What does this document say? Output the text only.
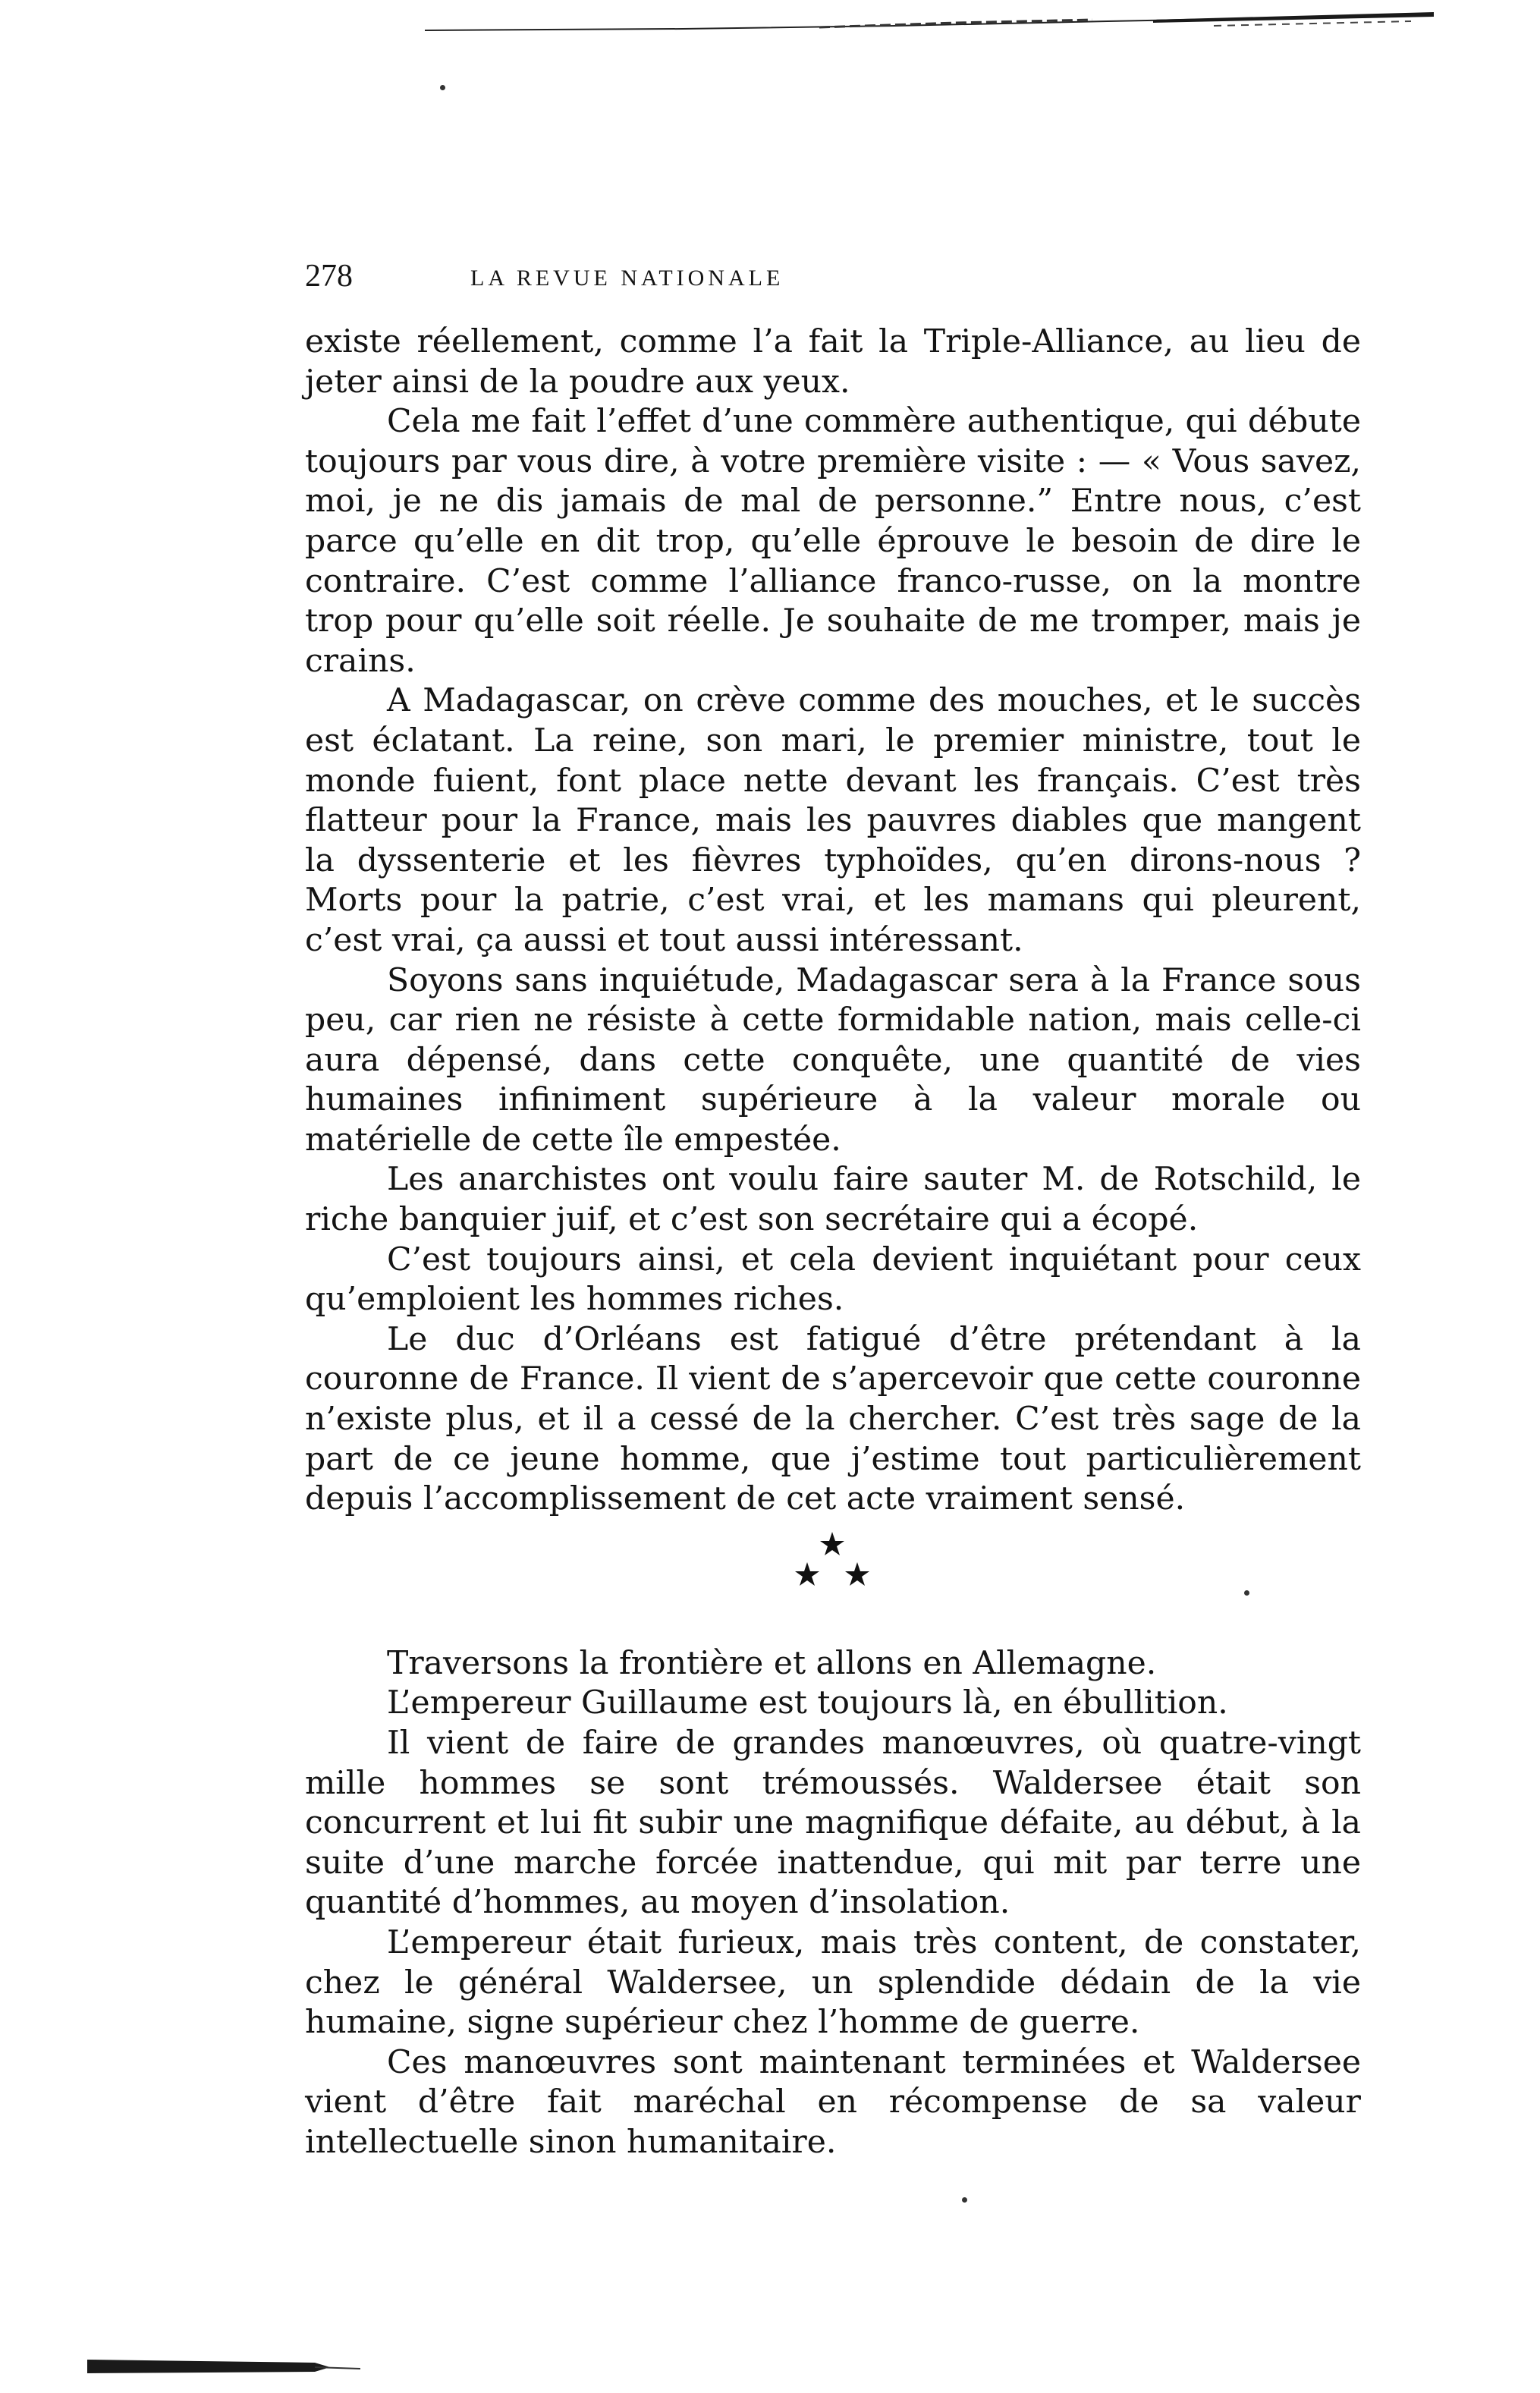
278	LA REVUE NATIONALE

existe réellement, comme l’a fait la Triple-Alliance, au lieu de jeter ainsi de la poudre aux yeux.

Cela me fait l’effet d’une commère authentique, qui débute toujours par vous dire, à votre première visite : — « Vous savez, moi, je ne dis jamais de mal de personne.” Entre nous, c’est parce qu’elle en dit trop, qu’elle éprouve le besoin de dire le contraire. C’est comme l’alliance franco-russe, on la montre trop pour qu’elle soit réelle. Je souhaite de me tromper, mais je crains.

A Madagascar, on crève comme des mouches, et le succès est éclatant. La reine, son mari, le premier ministre, tout le monde fuient, font place nette devant les français. C’est très flatteur pour la France, mais les pauvres diables que mangent la dyssenterie et les fièvres typhoïdes, qu’en dirons-nous ? Morts pour la patrie, c’est vrai, et les mamans qui pleurent, c’est vrai, ça aussi et tout aussi intéressant.

Soyons sans inquiétude, Madagascar sera à la France sous peu, car rien ne résiste à cette formidable nation, mais celle-ci aura dépensé, dans cette conquête, une quantité de vies humaines infiniment supérieure à la valeur morale ou matérielle de cette île empestée.

Les anarchistes ont voulu faire sauter M. de Rotschild, le riche banquier juif, et c’est son secrétaire qui a écopé.

C’est toujours ainsi, et cela devient inquiétant pour ceux qu’emploient les hommes riches.

Le duc d’Orléans est fatigué d’être prétendant à la couronne de France. Il vient de s’apercevoir que cette couronne n’existe plus, et il a cessé de la chercher. C’est très sage de la part de ce jeune homme, que j’estime tout particulièrement depuis l’accomplissement de cet acte vraiment sensé.

Traversons la frontière et allons en Allemagne.

L’empereur Guillaume est toujours là, en ébullition.

Il vient de faire de grandes manœuvres, où quatre-vingt mille hommes se sont trémoussés. Waldersee était son concurrent et lui fit subir une magnifique défaite, au début, à la suite d’une marche forcée inattendue, qui mit par terre une quantité d’hommes, au moyen d’insolation.

L’empereur était furieux, mais très content, de constater, chez le général Waldersee, un splendide dédain de la vie humaine, signe supérieur chez l’homme de guerre.

Ces manœuvres sont maintenant terminées et Waldersee vient d’être fait maréchal en récompense de sa valeur intellectuelle sinon humanitaire.
